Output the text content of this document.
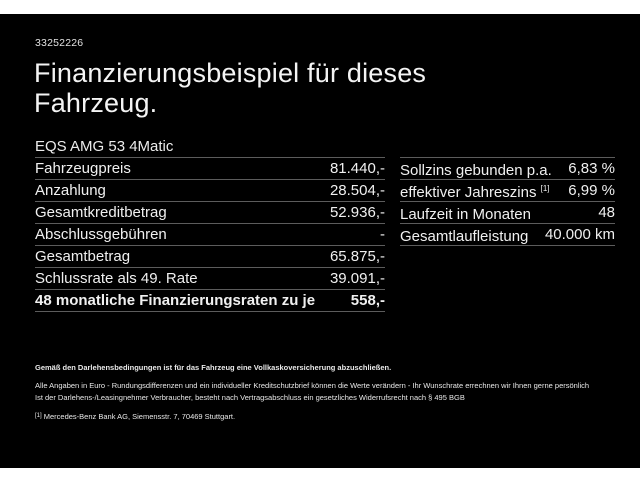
33252226
Finanzierungsbeispiel für dieses
Fahrzeug.
EQS AMG 53 4Matic
Fahrzeugpreis	81.440,-
Anzahlung	28.504,-
Gesamtkreditbetrag	52.936,-
Abschlussgebühren	-
Gesamtbetrag	65.875,-
Schlussrate als 49. Rate	39.091,-
48 monatliche Finanzierungsraten zu je 558,-
Sollzins gebunden p.a. 6,83 %
effektiver Jahreszins [1] 6,99 %
Laufzeit in Monaten	48
Gesamtlaufleistung 40.000 km
Gemäß den Darlehensbedingungen ist für das Fahrzeug eine Vollkaskoversicherung abzuschließen.
Alle Angaben in Euro - Rundungsdifferenzen und ein individueller Kreditschutzbrief können die Werte verändern - Ihr Wunschrate errechnen wir Ihnen gerne persönlich
Ist der Darlehens-/Leasingnehmer Verbraucher, besteht nach Vertragsabschluss ein gesetzliches Widerrufsrecht nach § 495 BGB
[1] Mercedes-Benz Bank AG, Siemensstr. 7, 70469 Stuttgart.
